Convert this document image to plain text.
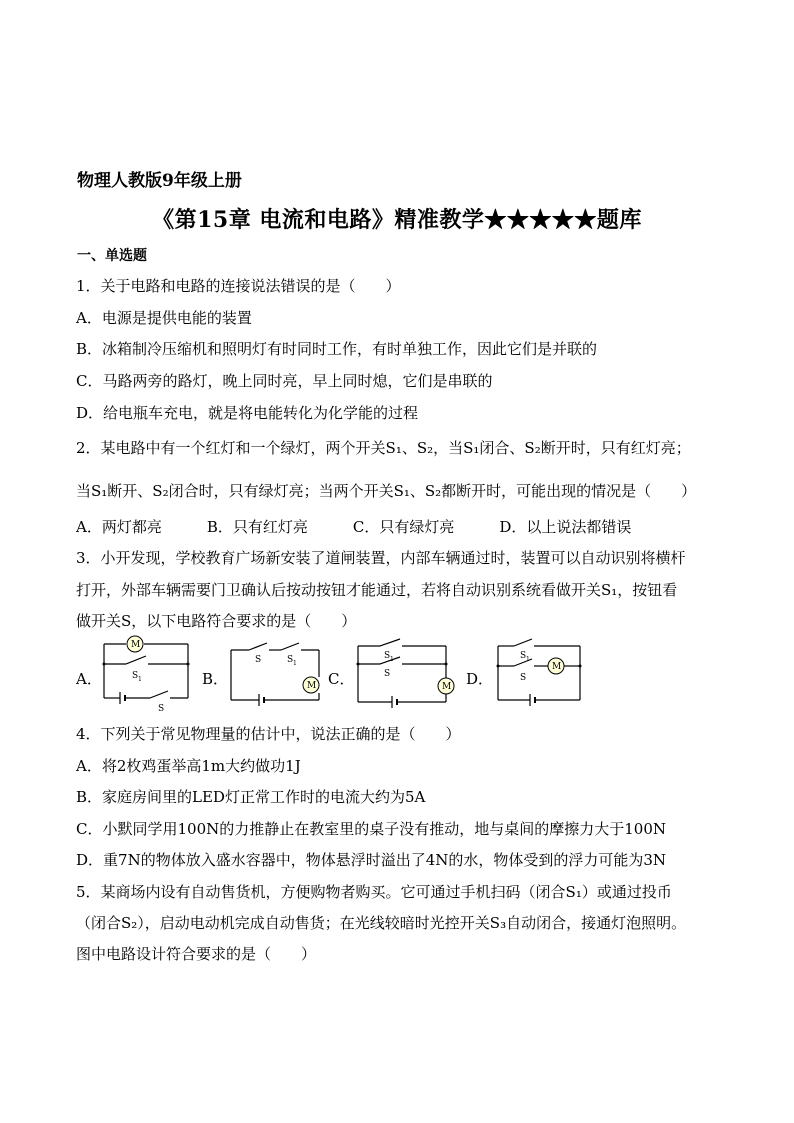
物理人教版9年级上册
《第15章 电流和电路》精准教学★★★★★题库
一、单选题
1．关于电路和电路的连接说法错误的是（　　）
A．电源是提供电能的装置
B．冰箱制冷压缩机和照明灯有时同时工作，有时单独工作，因此它们是并联的
C．马路两旁的路灯，晚上同时亮，早上同时熄，它们是串联的
D．给电瓶车充电，就是将电能转化为化学能的过程
2．某电路中有一个红灯和一个绿灯，两个开关S₁、S₂，当S₁闭合、S₂断开时，只有红灯亮；
当S₁断开、S₂闭合时，只有绿灯亮；当两个开关S₁、S₂都断开时，可能出现的情况是（　　）
A．两灯都亮　　　B．只有红灯亮　　　C．只有绿灯亮　　　D．以上说法都错误
3．小开发现，学校教育广场新安装了道闸装置，内部车辆通过时，装置可以自动识别将横杆
打开，外部车辆需要门卫确认后按动按钮才能通过，若将自动识别系统看做开关S₁，按钮看
做开关S，以下电路符合要求的是（　　）
A．
M
S 1
S
B．	M
S	S 1
C．
S 1
S
M D．
M
S 1
S
4．下列关于常见物理量的估计中，说法正确的是（　　）
A．将2枚鸡蛋举高1m大约做功1J
B．家庭房间里的LED灯正常工作时的电流大约为5A
C．小默同学用100N的力推静止在教室里的桌子没有推动，地与桌间的摩擦力大于100N
D．重7N的物体放入盛水容器中，物体悬浮时溢出了4N的水，物体受到的浮力可能为3N
5．某商场内设有自动售货机，方便购物者购买。它可通过手机扫码（闭合S₁）或通过投币
（闭合S₂），启动电动机完成自动售货；在光线较暗时光控开关S₃自动闭合，接通灯泡照明。
图中电路设计符合要求的是（　　）
